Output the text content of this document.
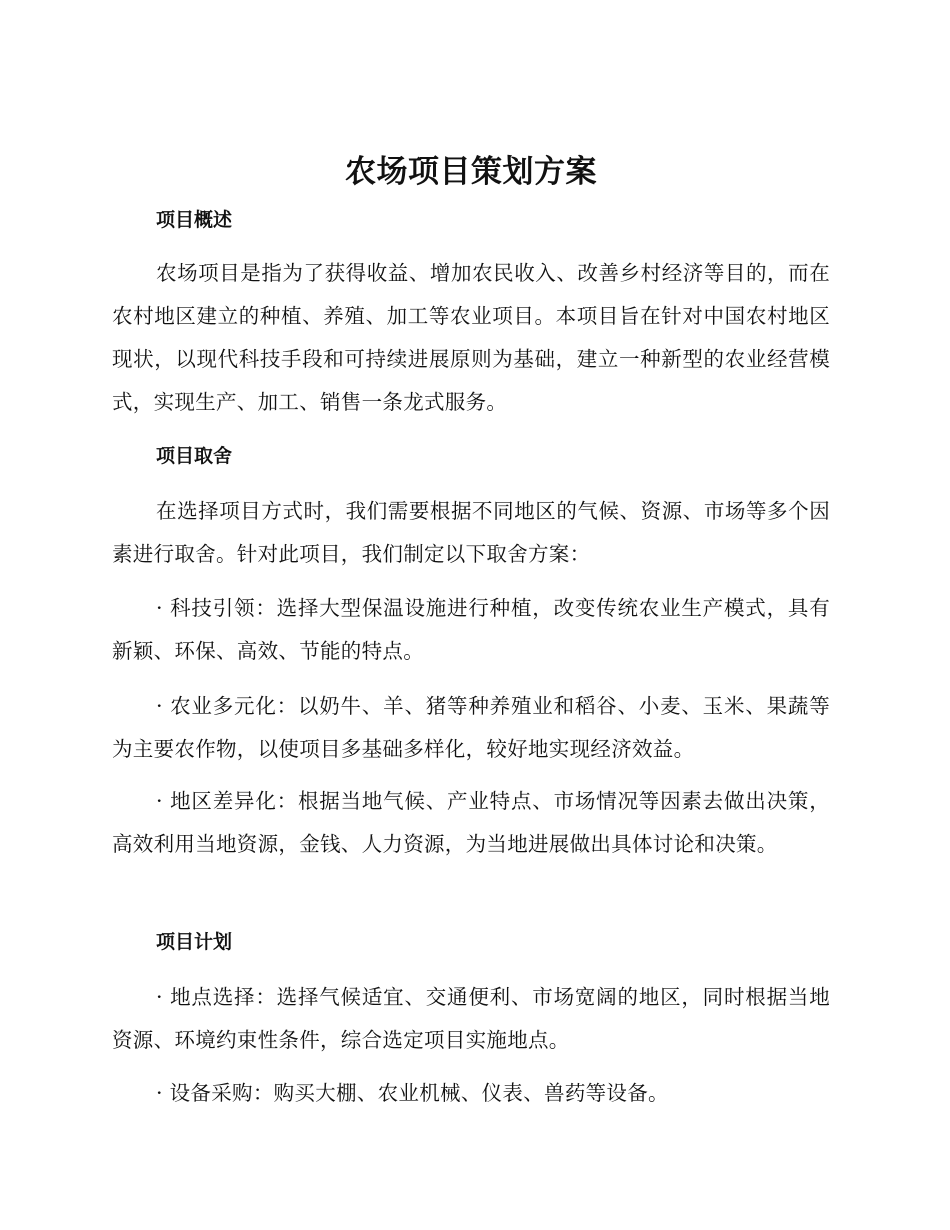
农场项目策划方案
项目概述
农场项目是指为了获得收益、增加农民收入、改善乡村经济等目的，而在农村地区建立的种植、养殖、加工等农业项目。本项目旨在针对中国农村地区现状，以现代科技手段和可持续进展原则为基础，建立一种新型的农业经营模式，实现生产、加工、销售一条龙式服务。
项目取舍
在选择项目方式时，我们需要根据不同地区的气候、资源、市场等多个因素进行取舍。针对此项目，我们制定以下取舍方案：
· 科技引领：选择大型保温设施进行种植，改变传统农业生产模式，具有新颖、环保、高效、节能的特点。
· 农业多元化：以奶牛、羊、猪等种养殖业和稻谷、小麦、玉米、果蔬等为主要农作物，以使项目多基础多样化，较好地实现经济效益。
· 地区差异化：根据当地气候、产业特点、市场情况等因素去做出决策，高效利用当地资源，金钱、人力资源，为当地进展做出具体讨论和决策。
项目计划
· 地点选择：选择气候适宜、交通便利、市场宽阔的地区，同时根据当地资源、环境约束性条件，综合选定项目实施地点。
· 设备采购：购买大棚、农业机械、仪表、兽药等设备。
